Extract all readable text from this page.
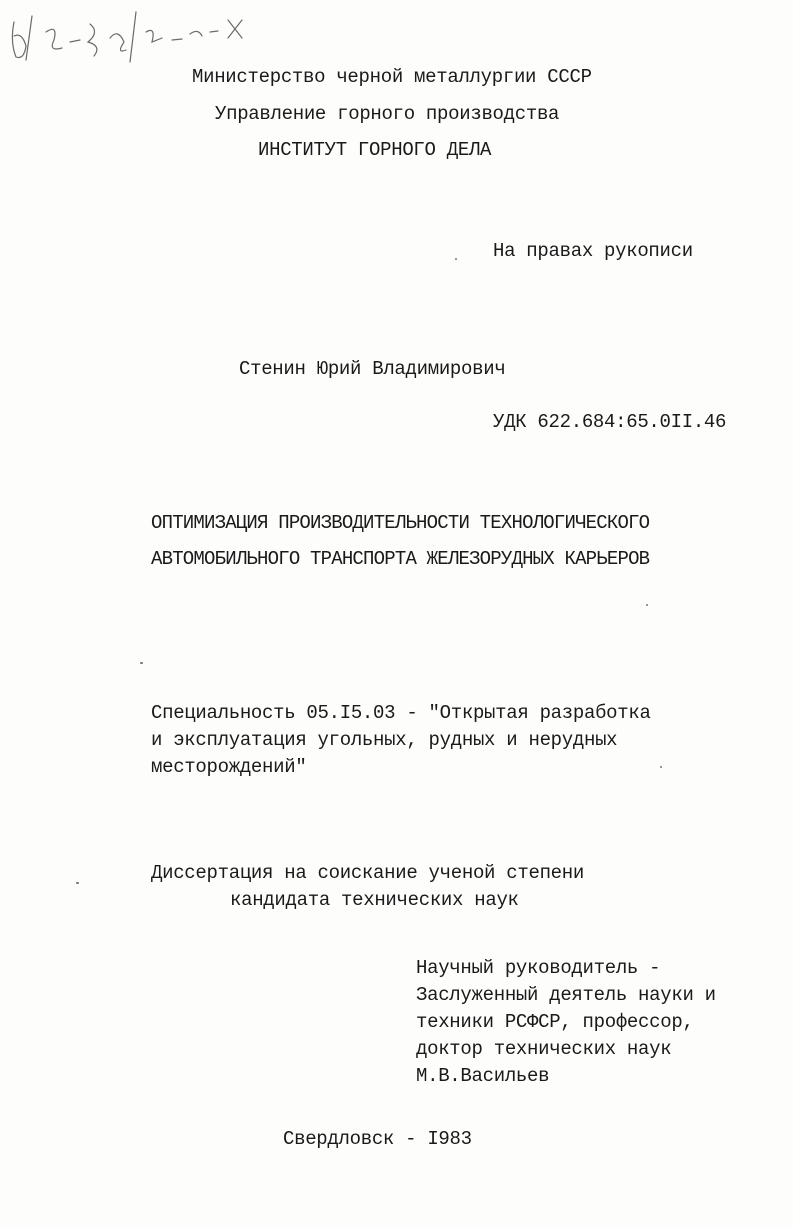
Министерство черной металлургии СССР
Управление горного производства
ИНСТИТУТ ГОРНОГО ДЕЛА
На правах рукописи
Стенин Юрий Владимирович
УДК 622.684:65.0II.46
ОПТИМИЗАЦИЯ ПРОИЗВОДИТЕЛЬНОСТИ ТЕХНОЛОГИЧЕСКОГО
АВТОМОБИЛЬНОГО ТРАНСПОРТА ЖЕЛЕЗОРУДНЫХ КАРЬЕРОВ
Специальность 05.I5.03 - "Открытая разработка
и эксплуатация угольных, рудных и нерудных
месторождений"
Диссертация на соискание ученой степени
кандидата технических наук
Научный руководитель -
Заслуженный деятель науки и
техники РСФСР, профессор,
доктор технических наук
М.В.Васильев
Свердловск - I983
